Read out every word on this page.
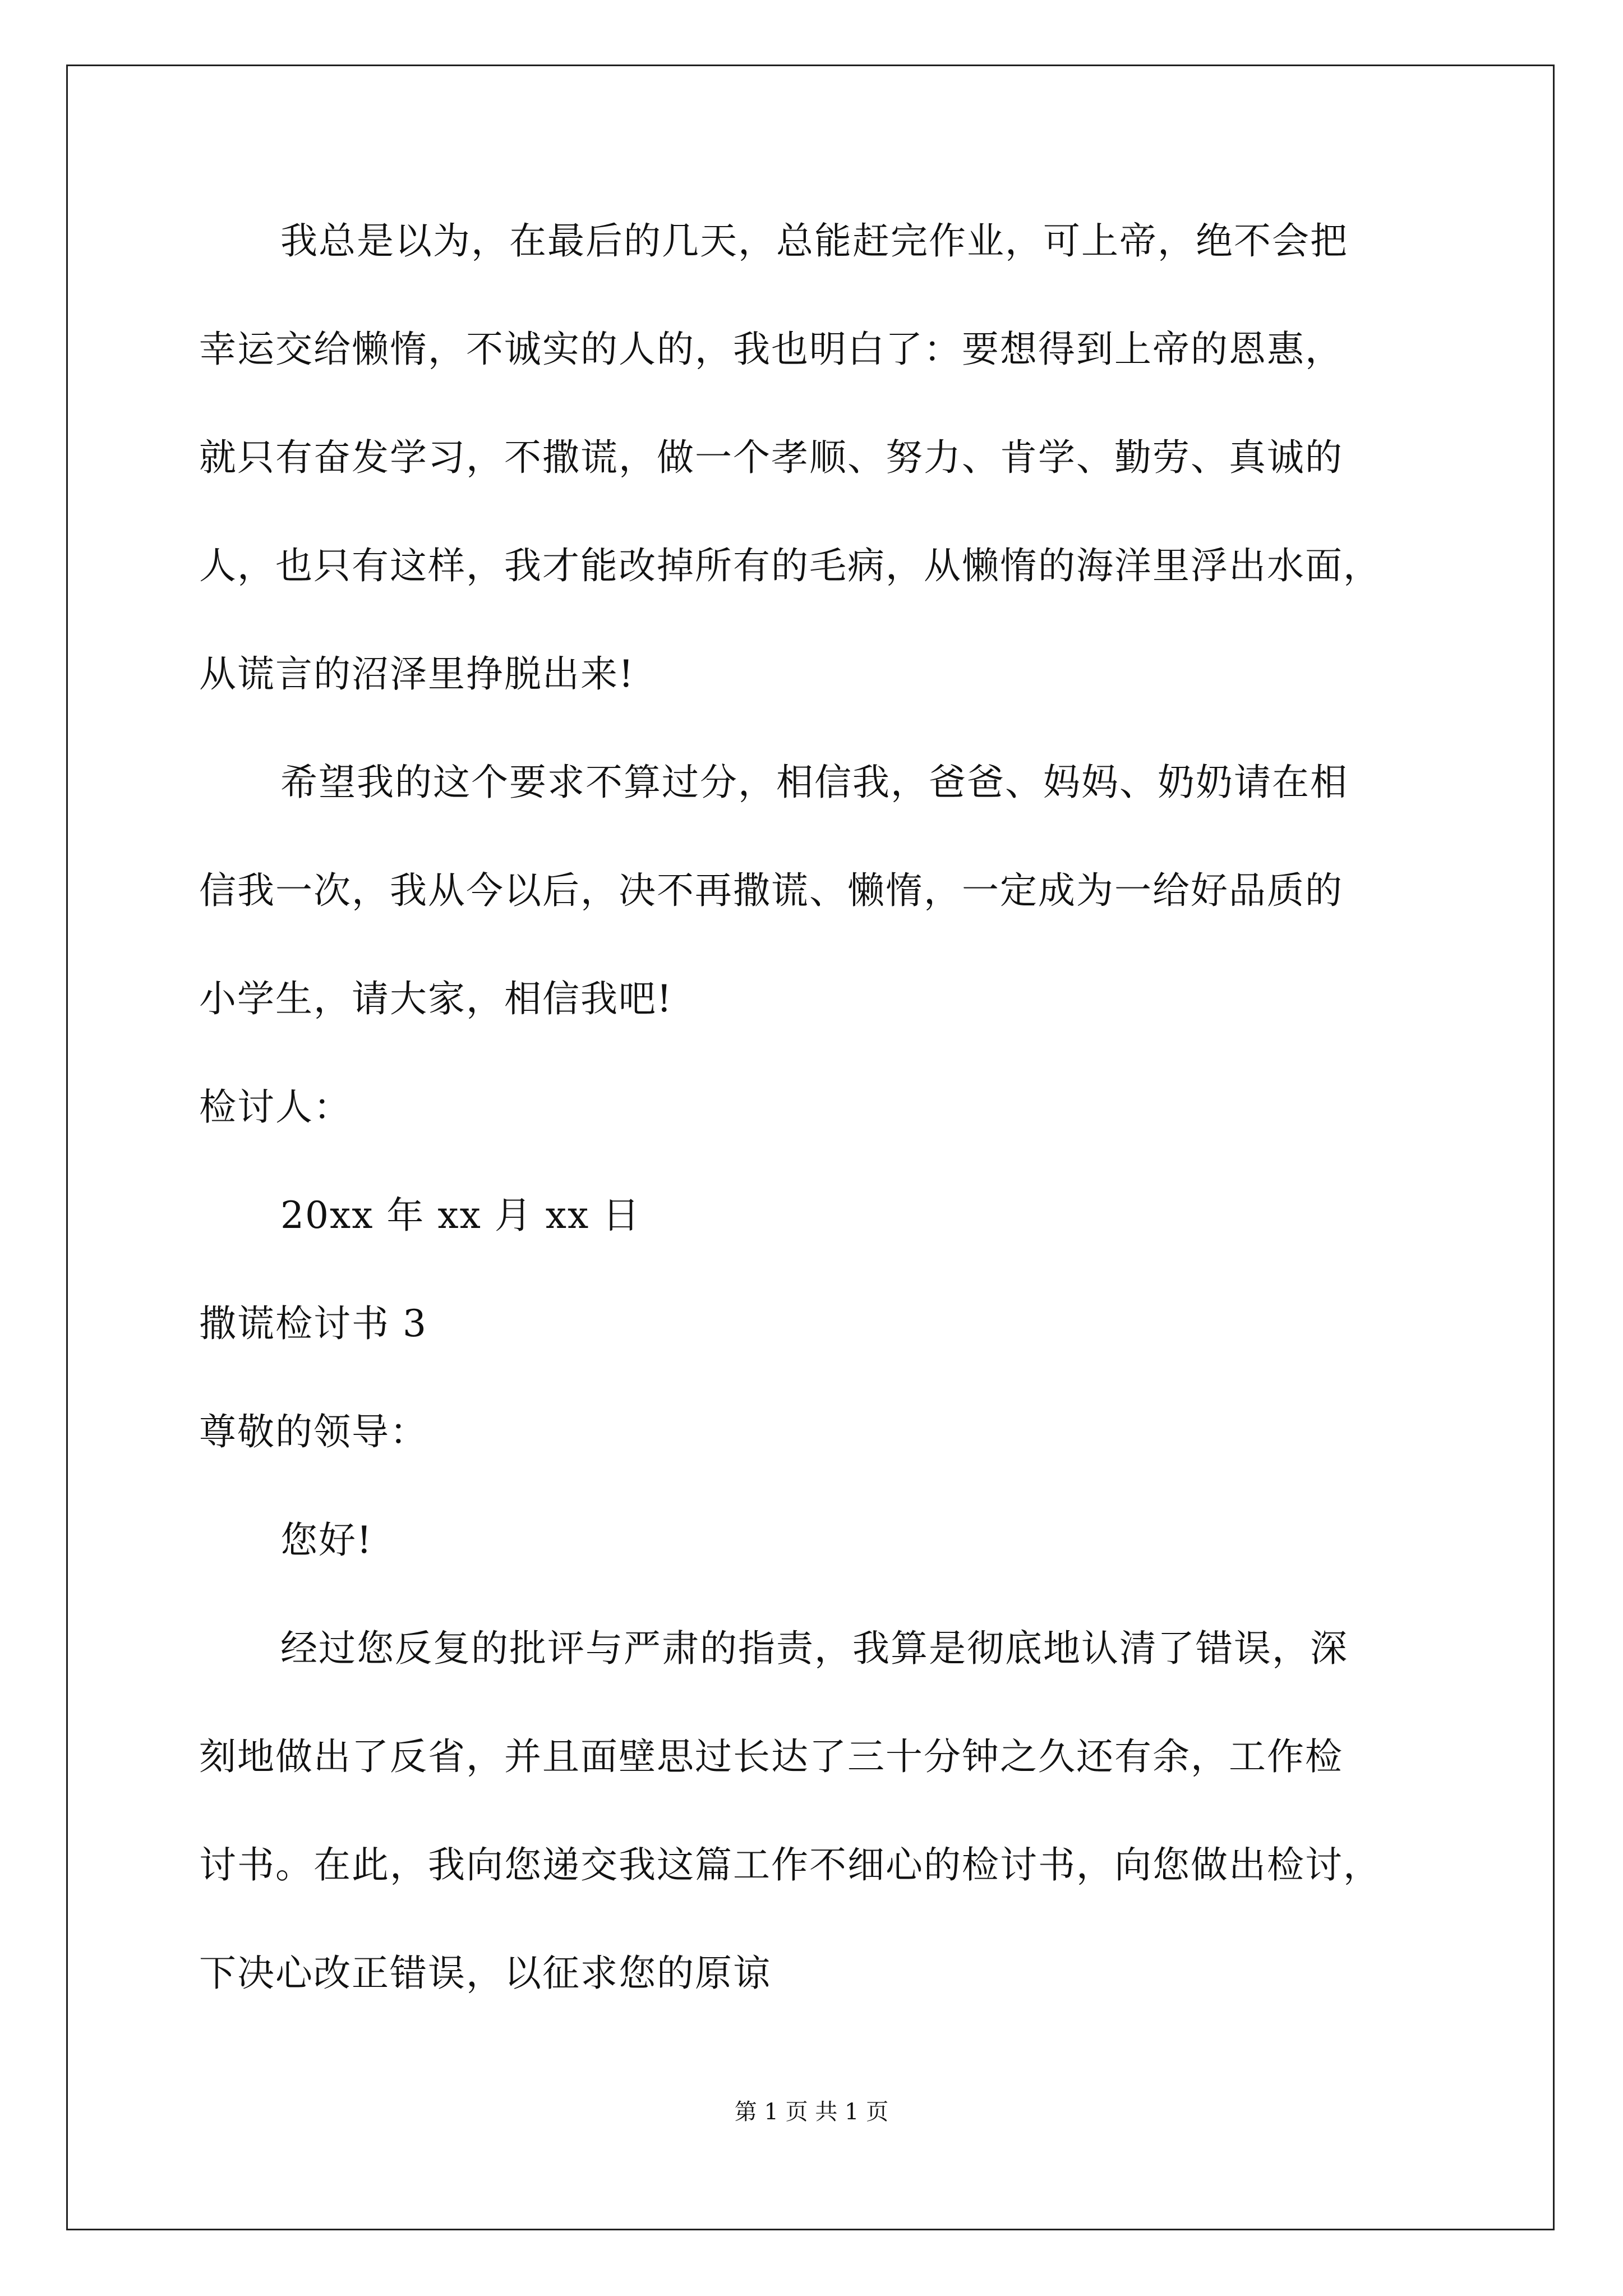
我总是以为，在最后的几天，总能赶完作业，可上帝，绝不会把
幸运交给懒惰，不诚实的人的，我也明白了：要想得到上帝的恩惠，
就只有奋发学习，不撒谎，做一个孝顺、努力、肯学、勤劳、真诚的
人，也只有这样，我才能改掉所有的毛病，从懒惰的海洋里浮出水面，
从谎言的沼泽里挣脱出来!
希望我的这个要求不算过分，相信我，爸爸、妈妈、奶奶请在相
信我一次，我从今以后，决不再撒谎、懒惰，一定成为一给好品质的
小学生，请大家，相信我吧!
检讨人：
20xx 年 xx 月 xx 日
撒谎检讨书 3
尊敬的领导：
您好!
经过您反复的批评与严肃的指责，我算是彻底地认清了错误，深
刻地做出了反省，并且面壁思过长达了三十分钟之久还有余，工作检
讨书。在此，我向您递交我这篇工作不细心的检讨书，向您做出检讨，
下决心改正错误，以征求您的原谅
第 1 页 共 1 页
